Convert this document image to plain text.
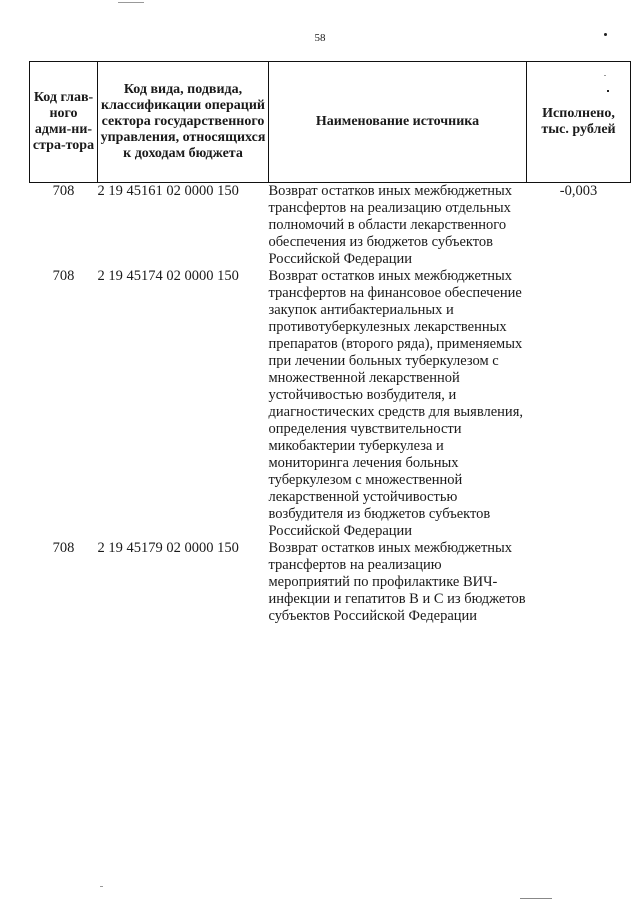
58
Код глав-ного адми-ни-стра-тора	Код вида, подвида, классификации операций сектора государственного управления, относящихся к доходам бюджета	Наименование источника	Исполнено, тыс. рублей
708	2 19 45161 02 0000 150	Возврат остатков иных межбюджетных трансфертов на реализацию отдельных полномочий в области лекарственного обеспечения из бюджетов субъектов Российской Федерации	-0,003
708	2 19 45174 02 0000 150	Возврат остатков иных межбюджетных трансфертов на финансовое обеспечение закупок антибактериальных и противотуберкулезных лекарственных препаратов (второго ряда), применяемых при лечении больных туберкулезом с множественной лекарственной устойчивостью возбудителя, и диагностических средств для выявления, определения чувствительности микобактерии туберкулеза и мониторинга лечения больных туберкулезом с множественной лекарственной устойчивостью возбудителя из бюджетов субъектов Российской Федерации	
708	2 19 45179 02 0000 150	Возврат остатков иных межбюджетных трансфертов на реализацию мероприятий по профилактике ВИЧ-инфекции и гепатитов В и С из бюджетов субъектов Российской Федерации	
